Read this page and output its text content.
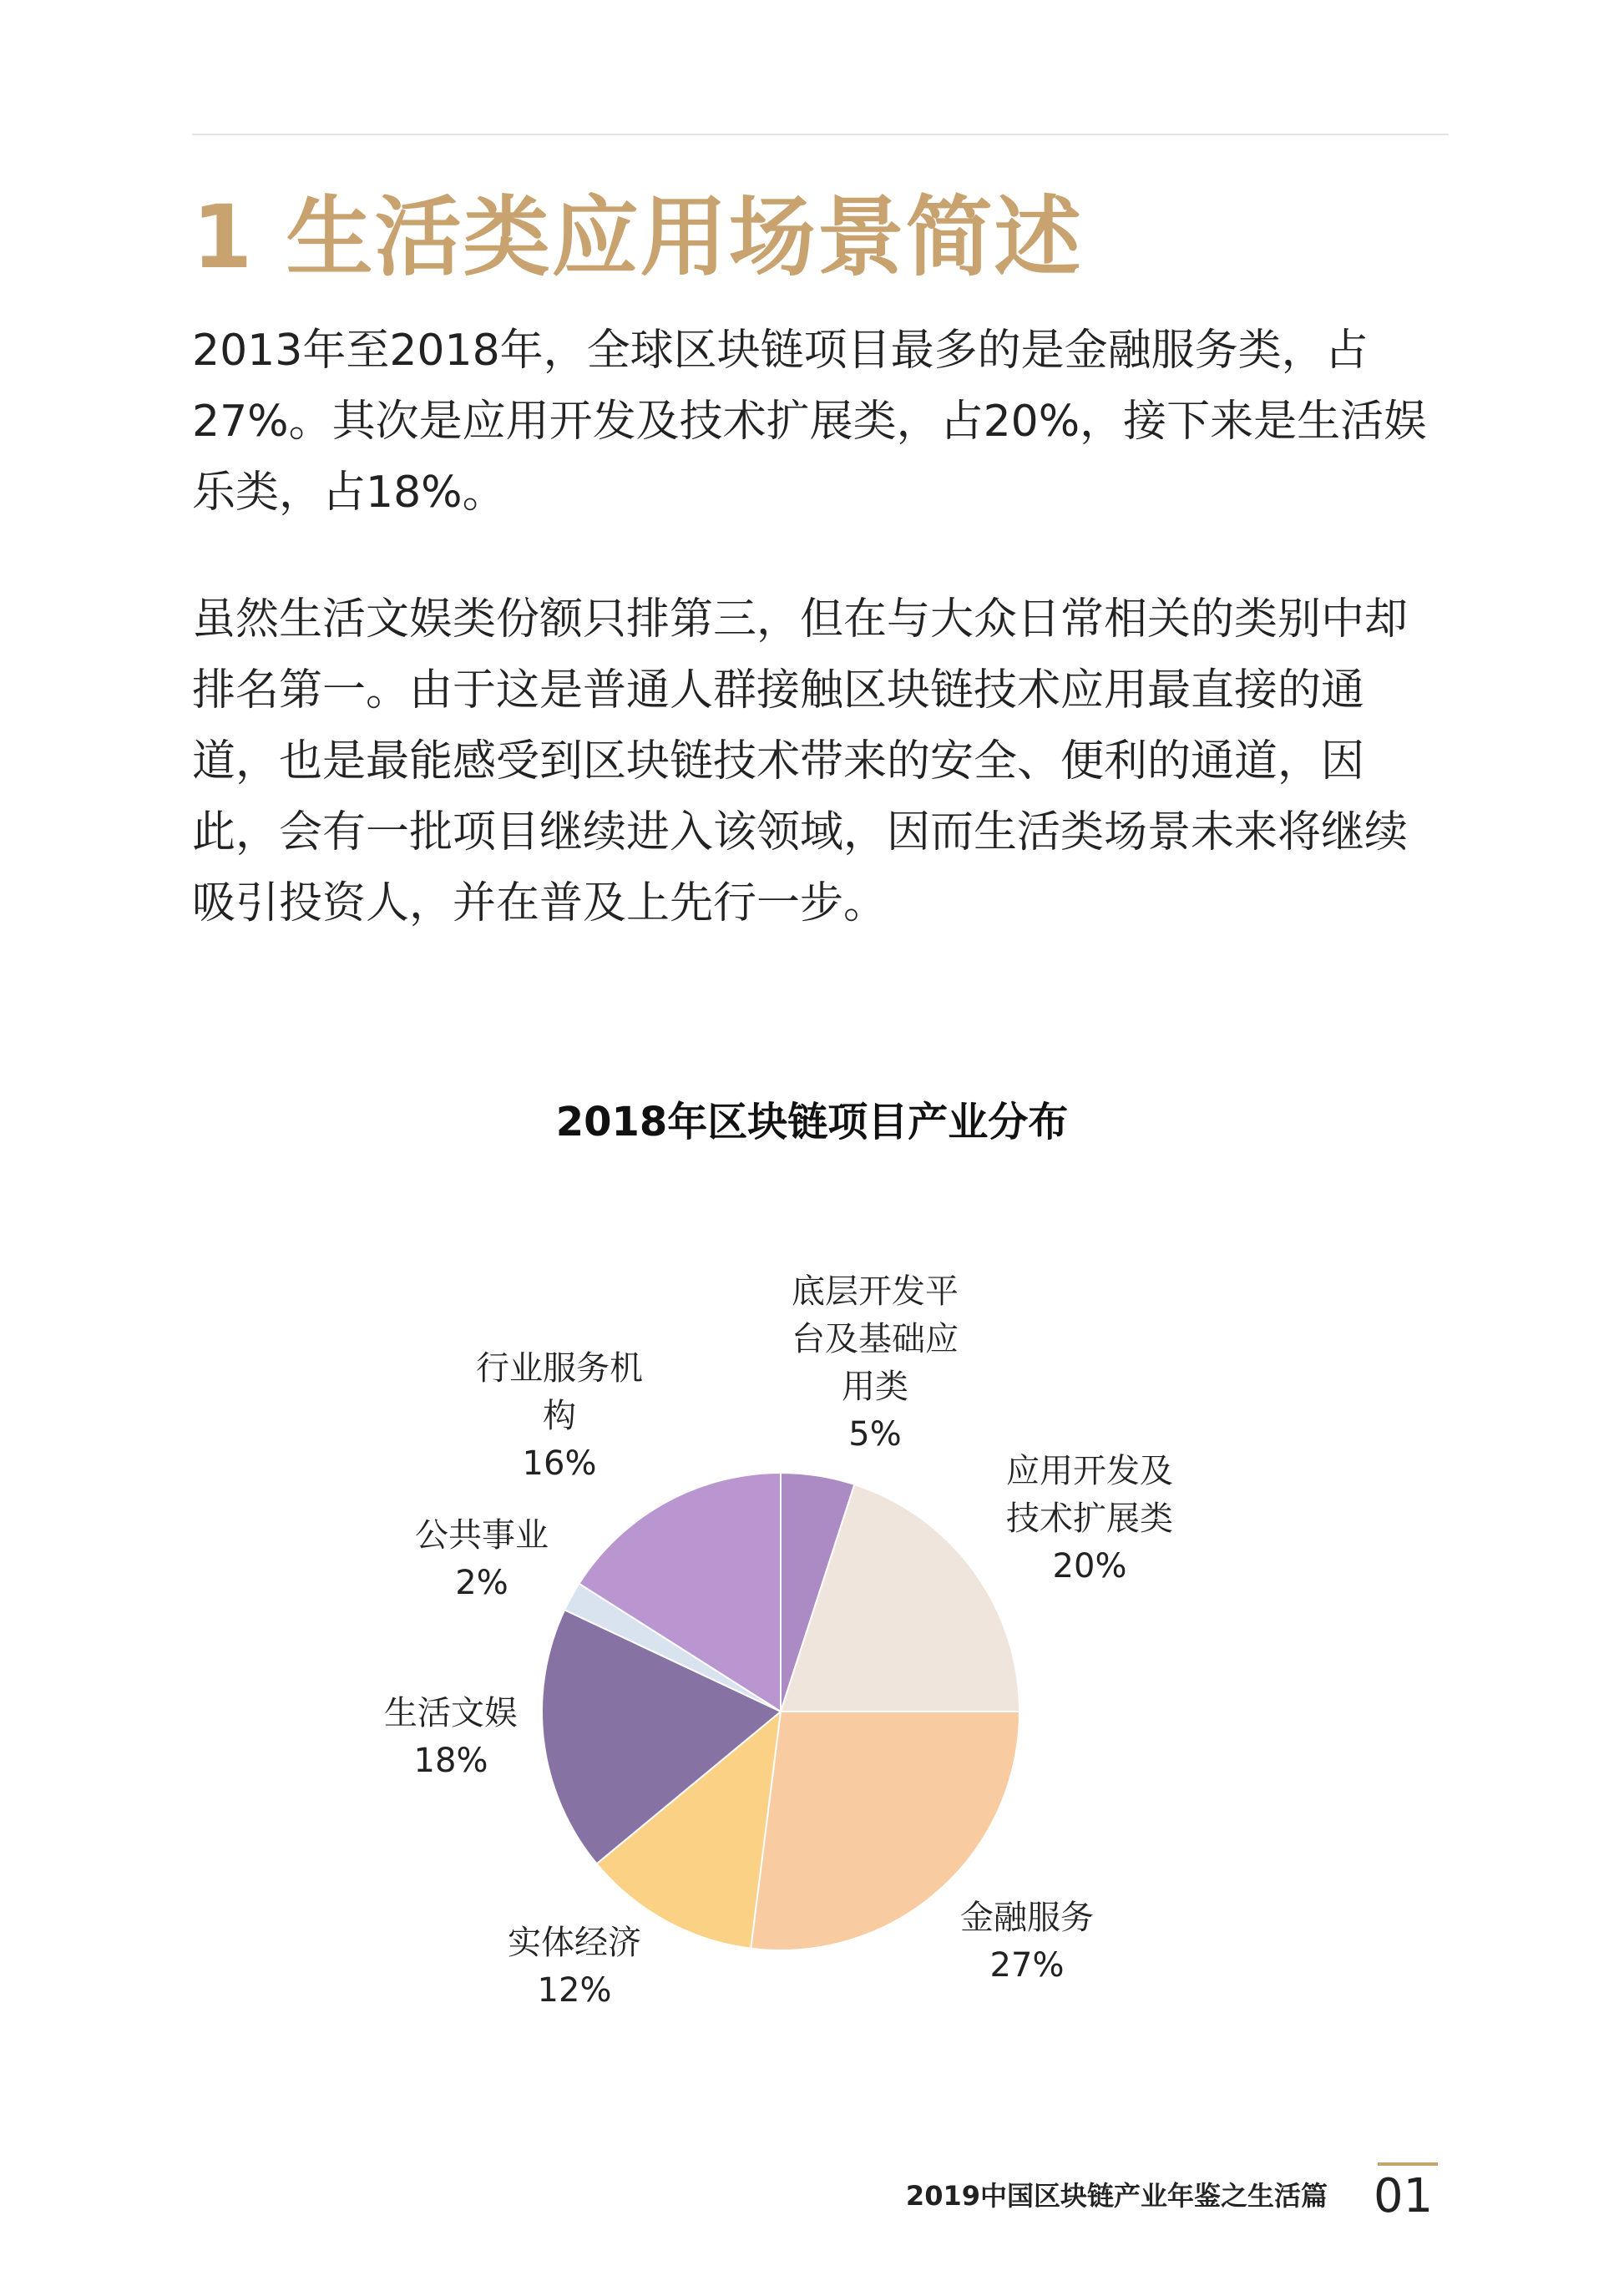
1 生活类应用场景简述

2013年至2018年，全球区块链项目最多的是金融服务类，占27%。其次是应用开发及技术扩展类，占20%，接下来是生活娱乐类，占18%。

虽然生活文娱类份额只排第三，但在与大众日常相关的类别中却排名第一。由于这是普通人群接触区块链技术应用最直接的通道，也是最能感受到区块链技术带来的安全、便利的通道，因此，会有一批项目继续进入该领域，因而生活类场景未来将继续吸引投资人，并在普及上先行一步。

2018年区块链项目产业分布
底层开发平台及基础应用类 5%
应用开发及技术扩展类 20%
金融服务 27%
实体经济 12%
生活文娱 18%
公共事业 2%
行业服务机构 16%
2019中国区块链产业年鉴之生活篇 01
